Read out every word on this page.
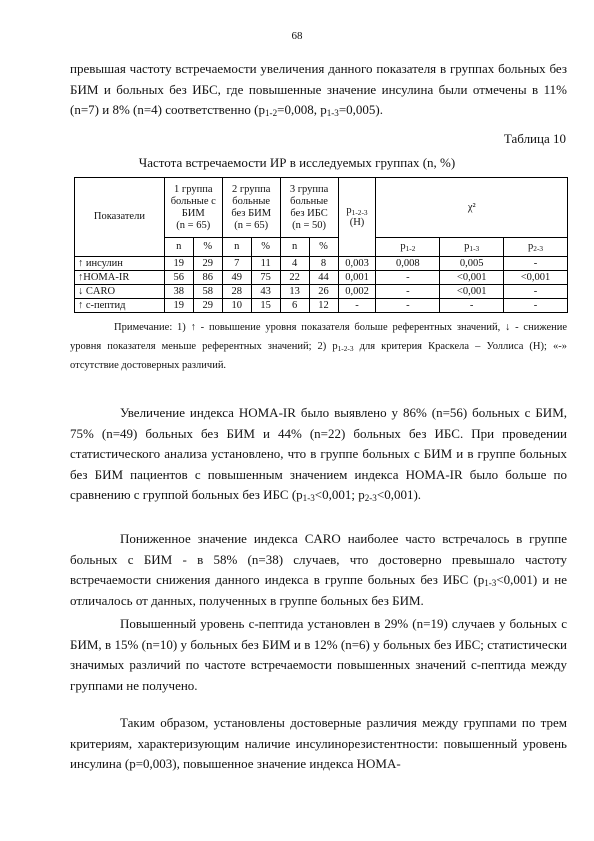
68

превышая частоту встречаемости увеличения данного показателя в группах больных без БИМ и больных без ИБС, где повышенные значение инсулина были отмечены в 11% (n=7) и 8% (n=4) соответственно ($p_{1-2}=0,008$, $p_{1-3}=0,005$).

Таблица 10
Частота встречаемости ИР в исследуемых группах (n, %)
Показатели	1 группа
больные с
БИМ
(n = 65)		2 группа
больные
без БИМ
(n = 65)		3 группа
больные
без ИБС
(n = 50)		$p_{1-2-3}$
(H)	χ²		
	n	%	n	%	n	%		$p_{1-2}$	$p_{1-3}$	$p_{2-3}$
↑ инсулин	19	29	7	11	4	8	0,003	0,008	0,005	-
↑HOMA-IR	56	86	49	75	22	44	0,001	-	<0,001	<0,001
↓ CARO	38	58	28	43	13	26	0,002	-	<0,001	-
↑ с-пептид	19	29	10	15	6	12	-	-	-	-

Примечание: 1) ↑ - повышение уровня показателя больше референтных значений, ↓ - снижение уровня показателя меньше референтных значений; 2) $p_{1-2-3}$ для критерия Краскела – Уоллиса (H); «-» отсутствие достоверных различий.

Увеличение индекса HOMA-IR было выявлено у 86% (n=56) больных с БИМ, 75% (n=49) больных без БИМ и 44% (n=22) больных без ИБС. При проведении статистического анализа установлено, что в группе больных с БИМ и в группе больных без БИМ пациентов с повышенным значением индекса HOMA-IR было больше по сравнению с группой больных без ИБС ($p_{1-3}<0,001$; $p_{2-3}<0,001$).

Пониженное значение индекса CARO наиболее часто встречалось в группе больных с БИМ - в 58% (n=38) случаев, что достоверно превышало частоту встречаемости снижения данного индекса в группе больных без ИБС $(p_{1-3}<0,001)$ и не отличалось от данных, полученных в группе больных без БИМ.

Повышенный уровень с-пептида установлен в 29% (n=19) случаев у больных с БИМ, в 15% (n=10) у больных без БИМ и в 12% (n=6) у больных без ИБС; статистически значимых различий по частоте встречаемости повышенных значений с-пептида между группами не получено.

Таким образом, установлены достоверные различия между группами по трем критериям, характеризующим наличие инсулинорезистентности: повышенный уровень инсулина (p=0,003), повышенное значение индекса HOMA-
